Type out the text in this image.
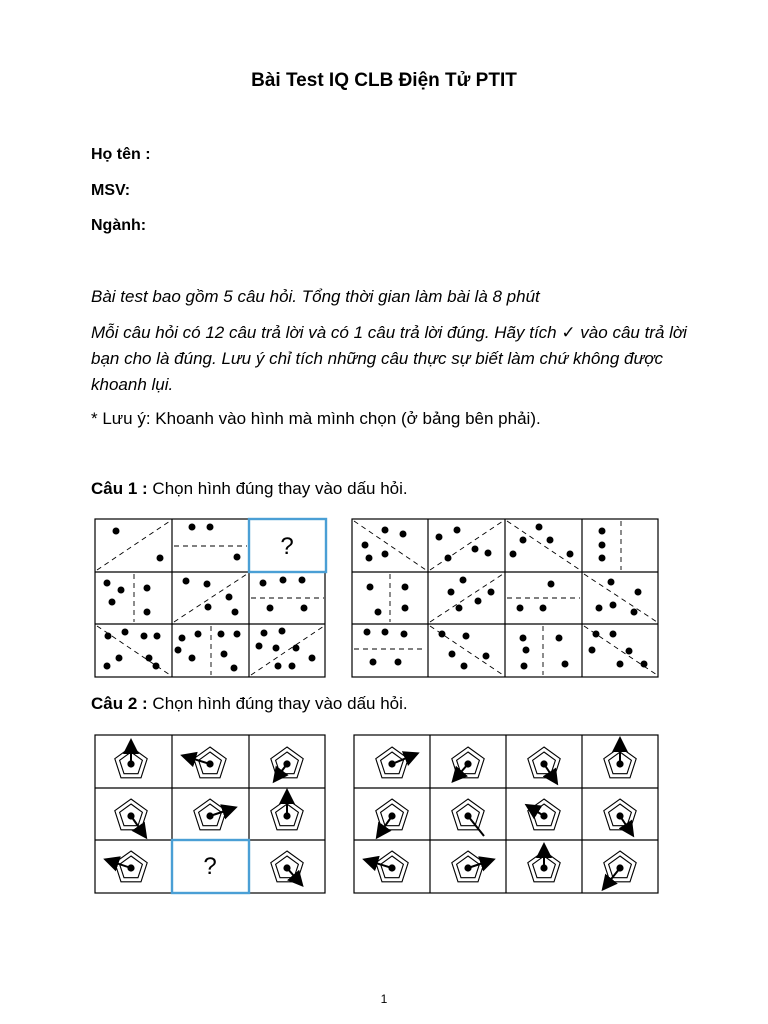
Bài Test IQ CLB Điện Tử PTIT
Họ tên :
MSV:
Ngành:
Bài test bao gồm 5 câu hỏi. Tổng thời gian làm bài là 8 phút
Mỗi câu hỏi có 12 câu trả lời và có 1 câu trả lời đúng. Hãy tích ✓ vào câu trả lời bạn cho là đúng. Lưu ý chỉ tích những câu thực sự biết làm chứ không được khoanh lụi.
* Lưu ý: Khoanh vào hình mà mình chọn (ở bảng bên phải).
Câu 1 : Chọn hình đúng thay vào dấu hỏi.
?
Câu 2 : Chọn hình đúng thay vào dấu hỏi.
?
1
